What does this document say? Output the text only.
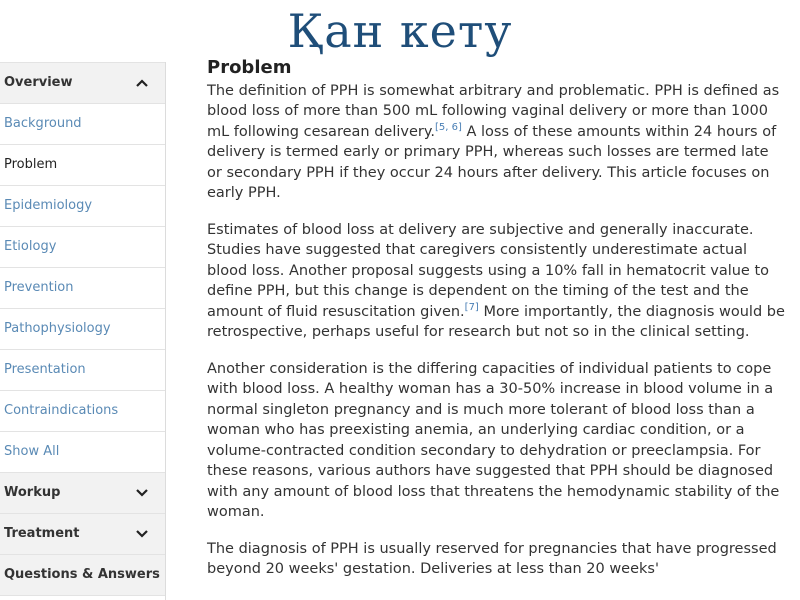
Қан кету
Overview
Background
Problem
Epidemiology
Etiology
Prevention
Pathophysiology
Presentation
Contraindications
Show All
Workup
Treatment
Questions & Answers
Problem

The definition of PPH is somewhat arbitrary and problematic. PPH is defined as blood loss of more than 500 mL following vaginal delivery or more than 1000 mL following cesarean delivery.[5, 6] A loss of these amounts within 24 hours of delivery is termed early or primary PPH, whereas such losses are termed late or secondary PPH if they occur 24 hours after delivery. This article focuses on early PPH.

Estimates of blood loss at delivery are subjective and generally inaccurate. Studies have suggested that caregivers consistently underestimate actual blood loss. Another proposal suggests using a 10% fall in hematocrit value to define PPH, but this change is dependent on the timing of the test and the amount of fluid resuscitation given.[7] More importantly, the diagnosis would be retrospective, perhaps useful for research but not so in the clinical setting.

Another consideration is the differing capacities of individual patients to cope with blood loss. A healthy woman has a 30-50% increase in blood volume in a normal singleton pregnancy and is much more tolerant of blood loss than a woman who has preexisting anemia, an underlying cardiac condition, or a volume-contracted condition secondary to dehydration or preeclampsia. For these reasons, various authors have suggested that PPH should be diagnosed with any amount of blood loss that threatens the hemodynamic stability of the woman.

The diagnosis of PPH is usually reserved for pregnancies that have progressed beyond 20 weeks' gestation. Deliveries at less than 20 weeks'
